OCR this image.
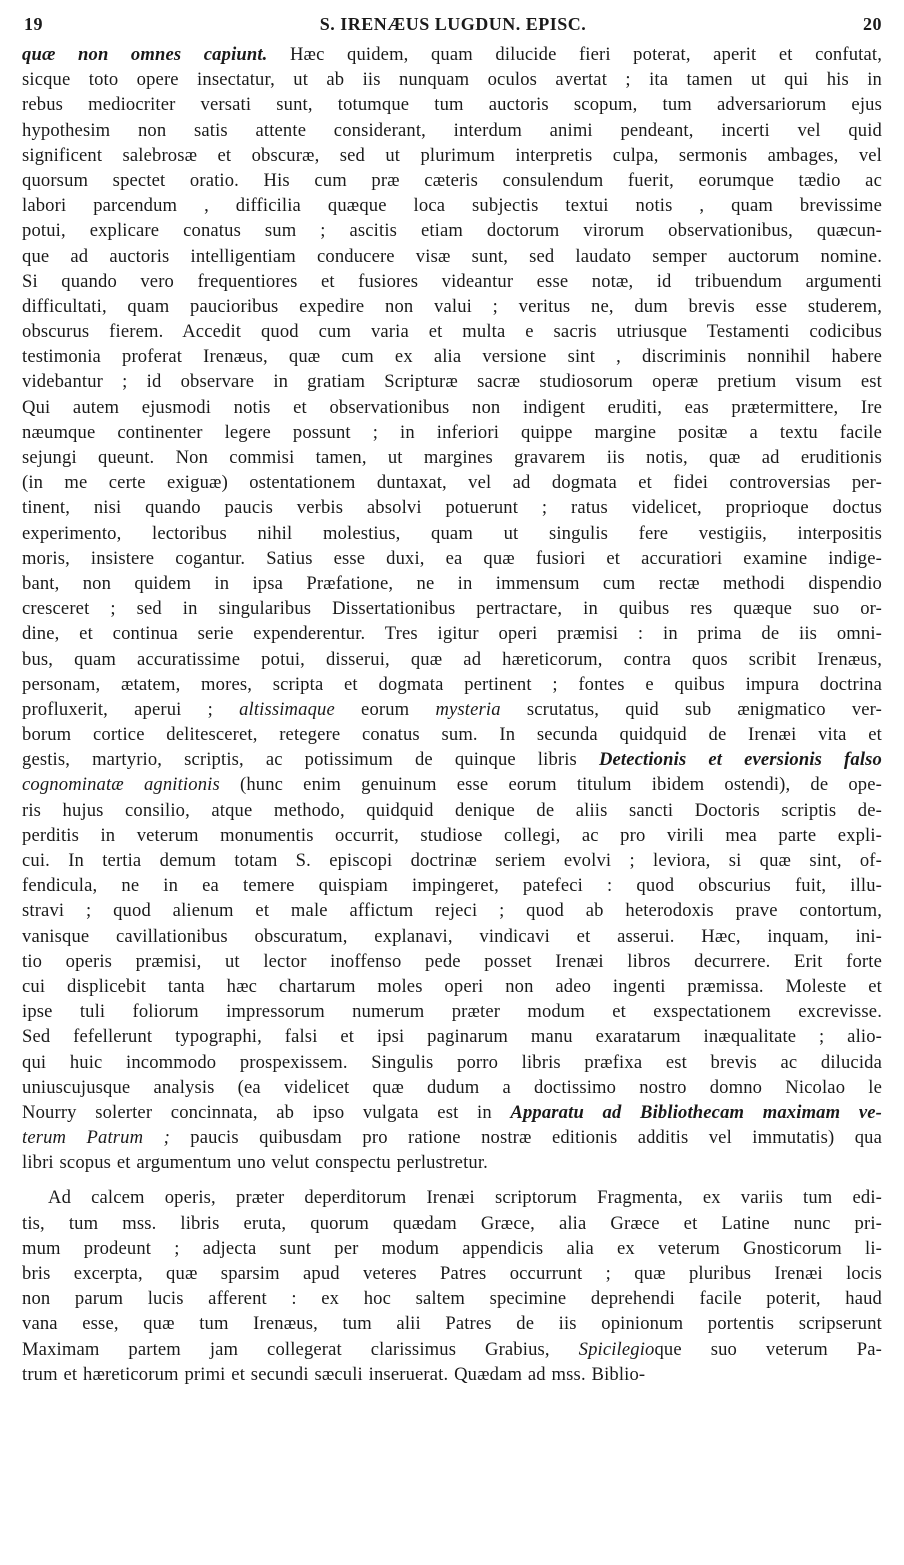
19	S. IRENÆUS LUGDUN. EPISC.	20
quæ non omnes capiunt. Hæc quidem, quam dilucide fieri poterat, aperit et confutat,
sicque toto opere insectatur, ut ab iis nunquam oculos avertat ; ita tamen ut qui his in
rebus mediocriter versati sunt, totumque tum auctoris scopum, tum adversariorum ejus
hypothesim non satis attente considerant, interdum animi pendeant, incerti vel quid
significent salebrosæ et obscuræ, sed ut plurimum interpretis culpa, sermonis ambages, vel
quorsum spectet oratio. His cum præ cæteris consulendum fuerit, eorumque tædio ac
labori parcendum , difficilia quæque loca subjectis textui notis , quam brevissime
potui, explicare conatus sum ; ascitis etiam doctorum virorum observationibus, quæcun-
que ad auctoris intelligentiam conducere visæ sunt, sed laudato semper auctorum nomine.
Si quando vero frequentiores et fusiores videantur esse notæ, id tribuendum argumenti
difficultati, quam paucioribus expedire non valui ; veritus ne, dum brevis esse studerem,
obscurus fierem. Accedit quod cum varia et multa e sacris utriusque Testamenti codicibus
testimonia proferat Irenæus, quæ cum ex alia versione sint , discriminis nonnihil habere
videbantur ; id observare in gratiam Scripturæ sacræ studiosorum operæ pretium visum est
Qui autem ejusmodi notis et observationibus non indigent eruditi, eas prætermittere, Ire
næumque continenter legere possunt ; in inferiori quippe margine positæ a textu facile
sejungi queunt. Non commisi tamen, ut margines gravarem iis notis, quæ ad eruditionis
(in me certe exiguæ) ostentationem duntaxat, vel ad dogmata et fidei controversias per-
tinent, nisi quando paucis verbis absolvi potuerunt ; ratus videlicet, proprioque doctus
experimento, lectoribus nihil molestius, quam ut singulis fere vestigiis, interpositis
moris, insistere cogantur. Satius esse duxi, ea quæ fusiori et accuratiori examine indige-
bant, non quidem in ipsa Præfatione, ne in immensum cum rectæ methodi dispendio
cresceret ; sed in singularibus Dissertationibus pertractare, in quibus res quæque suo or-
dine, et continua serie expenderentur. Tres igitur operi præmisi : in prima de iis omni-
bus, quam accuratissime potui, disserui, quæ ad hæreticorum, contra quos scribit Irenæus,
personam, ætatem, mores, scripta et dogmata pertinent ; fontes e quibus impura doctrina
profluxerit, aperui ; altissimaque eorum mysteria scrutatus, quid sub ænigmatico ver-
borum cortice delitesceret, retegere conatus sum. In secunda quidquid de Irenæi vita et
gestis, martyrio, scriptis, ac potissimum de quinque libris Detectionis et eversionis falso
cognominatæ agnitionis (hunc enim genuinum esse eorum titulum ibidem ostendi), de ope-
ris hujus consilio, atque methodo, quidquid denique de aliis sancti Doctoris scriptis de-
perditis in veterum monumentis occurrit, studiose collegi, ac pro virili mea parte expli-
cui. In tertia demum totam S. episcopi doctrinæ seriem evolvi ; leviora, si quæ sint, of-
fendicula, ne in ea temere quispiam impingeret, patefeci : quod obscurius fuit, illu-
stravi ; quod alienum et male affictum rejeci ; quod ab heterodoxis prave contortum,
vanisque cavillationibus obscuratum, explanavi, vindicavi et asserui. Hæc, inquam, ini-
tio operis præmisi, ut lector inoffenso pede posset Irenæi libros decurrere. Erit forte
cui displicebit tanta hæc chartarum moles operi non adeo ingenti præmissa. Moleste et
ipse tuli foliorum impressorum numerum præter modum et exspectationem excrevisse.
Sed fefellerunt typographi, falsi et ipsi paginarum manu exaratarum inæqualitate ; alio-
qui huic incommodo prospexissem. Singulis porro libris præfixa est brevis ac dilucida
uniuscujusque analysis (ea videlicet quæ dudum a doctissimo nostro domno Nicolao le
Nourry solerter concinnata, ab ipso vulgata est in Apparatu ad Bibliothecam maximam ve-
terum Patrum ; paucis quibusdam pro ratione nostræ editionis additis vel immutatis) qua
libri scopus et argumentum uno velut conspectu perlustretur.
Ad calcem operis, præter deperditorum Irenæi scriptorum Fragmenta, ex variis tum edi-
tis, tum mss. libris eruta, quorum quædam Græce, alia Græce et Latine nunc pri-
mum prodeunt ; adjecta sunt per modum appendicis alia ex veterum Gnosticorum li-
bris excerpta, quæ sparsim apud veteres Patres occurrunt ; quæ pluribus Irenæi locis
non parum lucis afferent : ex hoc saltem specimine deprehendi facile poterit, haud
vana esse, quæ tum Irenæus, tum alii Patres de iis opinionum portentis scripserunt
Maximam partem jam collegerat clarissimus Grabius, Spicilegioque suo veterum Pa-
trum et hæreticorum primi et secundi sæculi inseruerat. Quædam ad mss. Biblio-
